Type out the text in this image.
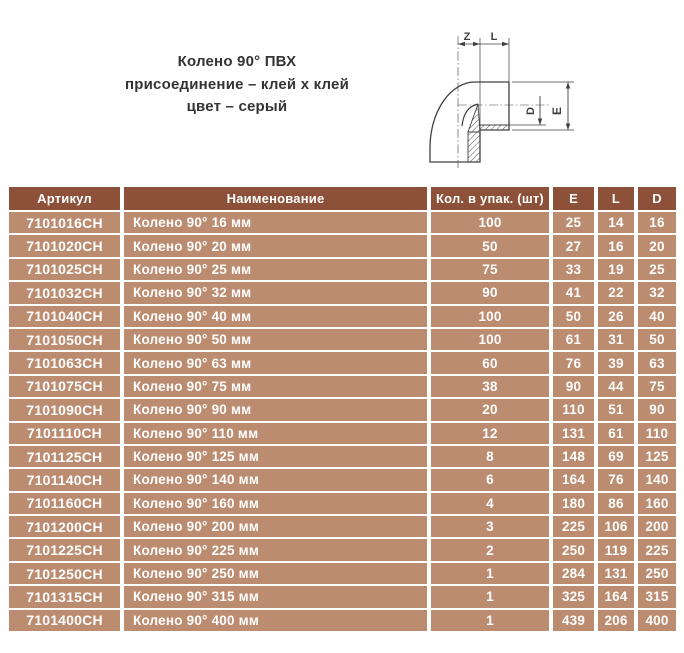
Колено 90° ПВХ
присоединение – клей х клей
цвет – серый
Z L
D E
Артикул	Наименование	Кол. в упак. (шт)	E	L	D
7101016CH	Колено 90° 16 мм	100	25	14	16
7101020CH	Колено 90° 20 мм	50	27	16	20
7101025CH	Колено 90° 25 мм	75	33	19	25
7101032CH	Колено 90° 32 мм	90	41	22	32
7101040CH	Колено 90° 40 мм	100	50	26	40
7101050CH	Колено 90° 50 мм	100	61	31	50
7101063CH	Колено 90° 63 мм	60	76	39	63
7101075CH	Колено 90° 75 мм	38	90	44	75
7101090CH	Колено 90° 90 мм	20	110	51	90
7101110CH	Колено 90° 110 мм	12	131	61	110
7101125CH	Колено 90° 125 мм	8	148	69	125
7101140CH	Колено 90° 140 мм	6	164	76	140
7101160CH	Колено 90° 160 мм	4	180	86	160
7101200CH	Колено 90° 200 мм	3	225	106	200
7101225CH	Колено 90° 225 мм	2	250	119	225
7101250CH	Колено 90° 250 мм	1	284	131	250
7101315CH	Колено 90° 315 мм	1	325	164	315
7101400CH	Колено 90° 400 мм	1	439	206	400
